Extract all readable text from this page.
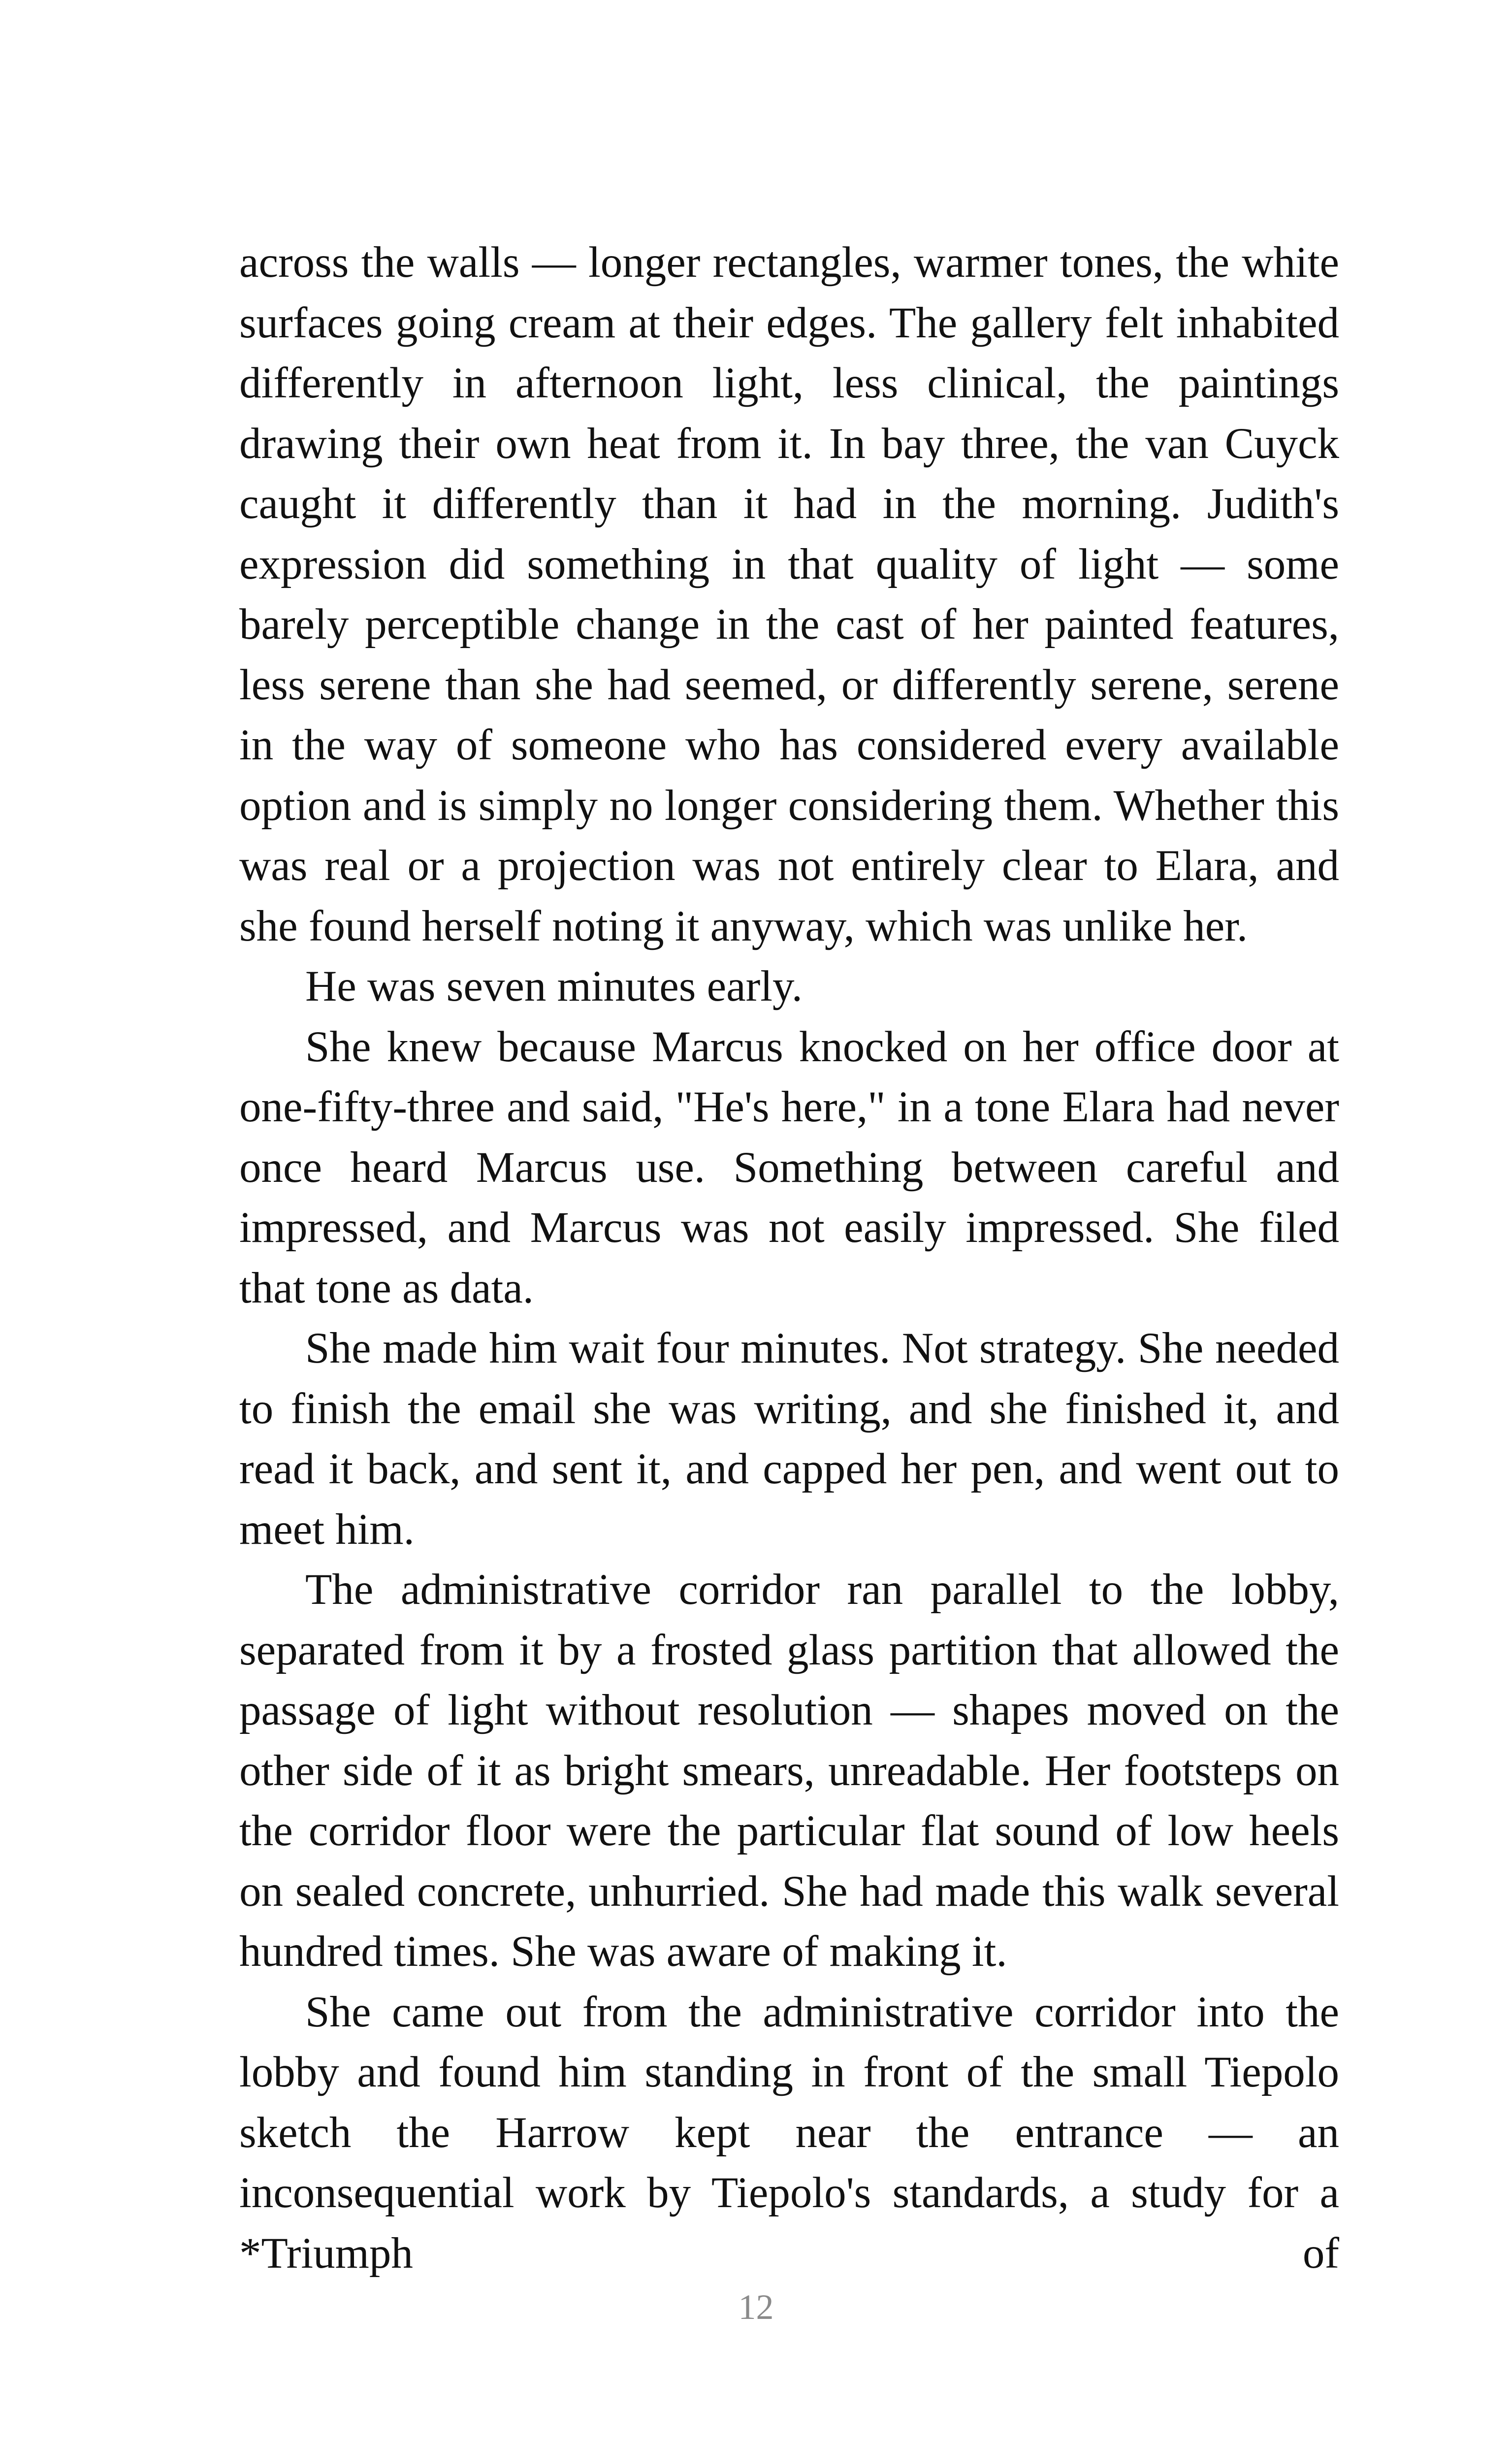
across the walls — longer rectangles, warmer tones, the white surfaces going cream at their edges. The gallery felt inhabited differently in afternoon light, less clinical, the paintings drawing their own heat from it. In bay three, the van Cuyck caught it differently than it had in the morning. Judith's expression did something in that quality of light — some barely perceptible change in the cast of her painted features, less serene than she had seemed, or differently serene, serene in the way of someone who has considered every available option and is simply no longer considering them. Whether this was real or a projection was not entirely clear to Elara, and she found herself noting it anyway, which was unlike her.

He was seven minutes early.

She knew because Marcus knocked on her office door at one-fifty-three and said, "He's here," in a tone Elara had never once heard Marcus use. Something between careful and impressed, and Marcus was not easily impressed. She filed that tone as data.

She made him wait four minutes. Not strategy. She needed to finish the email she was writing, and she finished it, and read it back, and sent it, and capped her pen, and went out to meet him.

The administrative corridor ran parallel to the lobby, separated from it by a frosted glass partition that allowed the passage of light without resolution — shapes moved on the other side of it as bright smears, unreadable. Her footsteps on the corridor floor were the particular flat sound of low heels on sealed concrete, unhurried. She had made this walk several hundred times. She was aware of making it.

She came out from the administrative corridor into the lobby and found him standing in front of the small Tiepolo sketch the Harrow kept near the entrance — an inconsequential work by Tiepolo's standards, a study for a *Triumph of

12
